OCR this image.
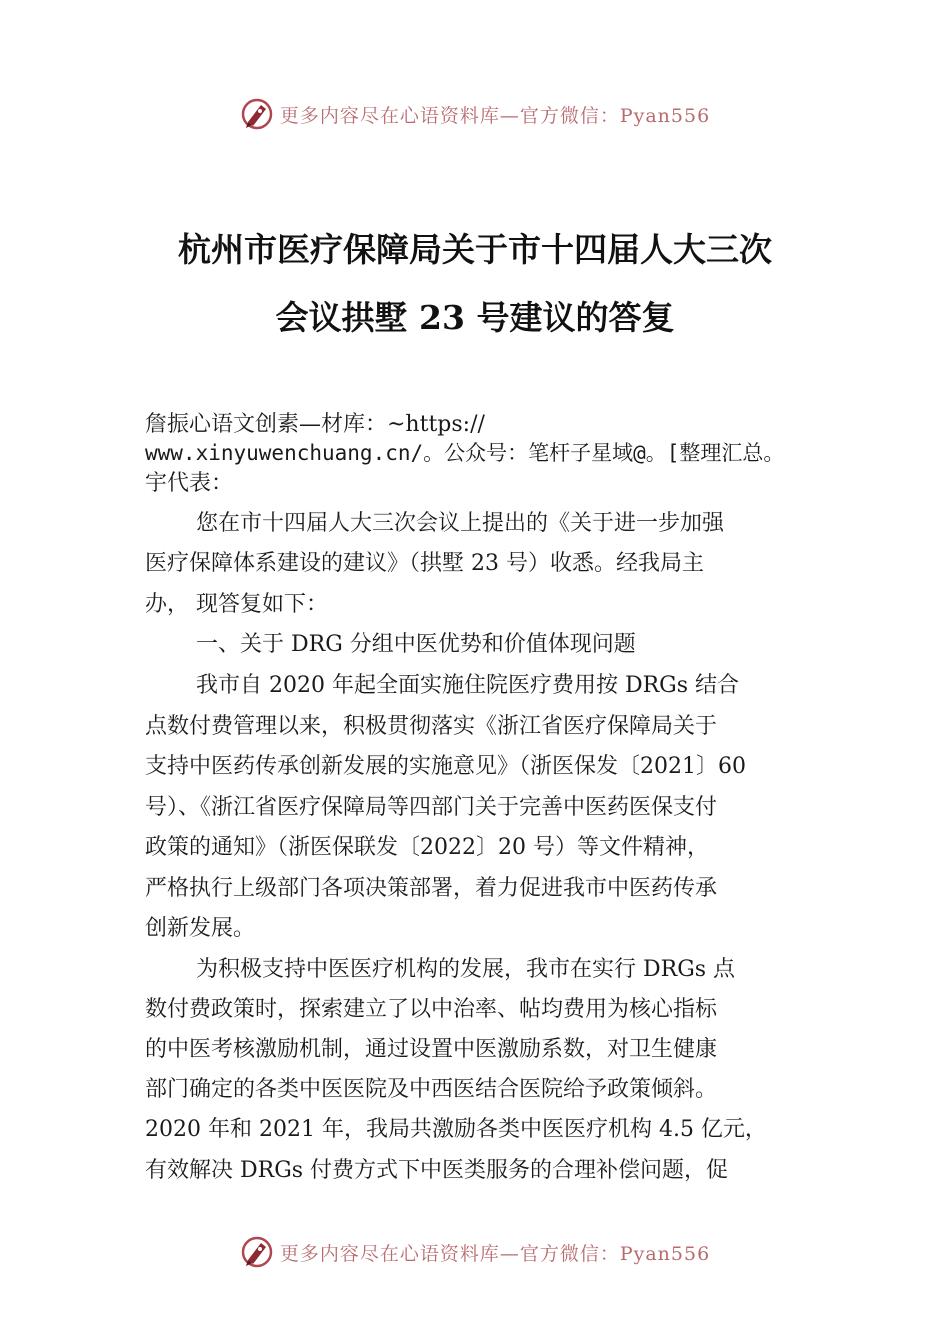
更多内容尽在心语资料库—官方微信：Pyan556
杭州市医疗保障局关于市十四届人大三次
会议拱墅 23 号建议的答复
詹振心语文创素—材库：~https://
www.xinyuwenchuang.cn/。公众号：笔杆子星域@。[整理汇总。
宇代表：
您在市十四届人大三次会议上提出的《关于进一步加强
医疗保障体系建设的建议》（拱墅 23 号）收悉。经我局主
办， 现答复如下：
一、关于 DRG 分组中医优势和价值体现问题
我市自 2020 年起全面实施住院医疗费用按 DRGs 结合
点数付费管理以来，积极贯彻落实《浙江省医疗保障局关于
支持中医药传承创新发展的实施意见》（浙医保发〔2021〕60
号）、《浙江省医疗保障局等四部门关于完善中医药医保支付
政策的通知》（浙医保联发〔2022〕20 号）等文件精神，
严格执行上级部门各项决策部署，着力促进我市中医药传承
创新发展。
为积极支持中医医疗机构的发展，我市在实行 DRGs 点
数付费政策时，探索建立了以中治率、帖均费用为核心指标
的中医考核激励机制，通过设置中医激励系数，对卫生健康
部门确定的各类中医医院及中西医结合医院给予政策倾斜。
2020 年和 2021 年，我局共激励各类中医医疗机构 4.5 亿元，
有效解决 DRGs 付费方式下中医类服务的合理补偿问题，促
更多内容尽在心语资料库—官方微信：Pyan556
